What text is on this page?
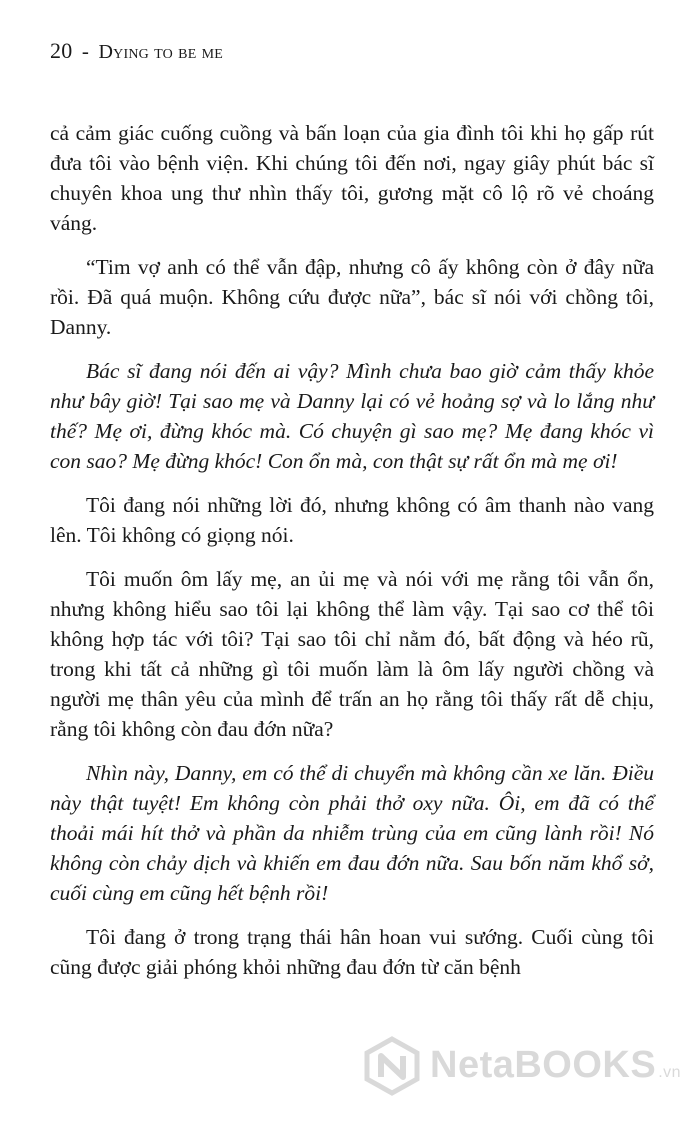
20 - Dying to be me

cả cảm giác cuống cuồng và bấn loạn của gia đình tôi khi họ gấp rút đưa tôi vào bệnh viện. Khi chúng tôi đến nơi, ngay giây phút bác sĩ chuyên khoa ung thư nhìn thấy tôi, gương mặt cô lộ rõ vẻ choáng váng.

“Tim vợ anh có thể vẫn đập, nhưng cô ấy không còn ở đây nữa rồi. Đã quá muộn. Không cứu được nữa”, bác sĩ nói với chồng tôi, Danny.

Bác sĩ đang nói đến ai vậy? Mình chưa bao giờ cảm thấy khỏe như bây giờ! Tại sao mẹ và Danny lại có vẻ hoảng sợ và lo lắng như thế? Mẹ ơi, đừng khóc mà. Có chuyện gì sao mẹ? Mẹ đang khóc vì con sao? Mẹ đừng khóc! Con ổn mà, con thật sự rất ổn mà mẹ ơi!

Tôi đang nói những lời đó, nhưng không có âm thanh nào vang lên. Tôi không có giọng nói.

Tôi muốn ôm lấy mẹ, an ủi mẹ và nói với mẹ rằng tôi vẫn ổn, nhưng không hiểu sao tôi lại không thể làm vậy. Tại sao cơ thể tôi không hợp tác với tôi? Tại sao tôi chỉ nằm đó, bất động và héo rũ, trong khi tất cả những gì tôi muốn làm là ôm lấy người chồng và người mẹ thân yêu của mình để trấn an họ rằng tôi thấy rất dễ chịu, rằng tôi không còn đau đớn nữa?

Nhìn này, Danny, em có thể di chuyển mà không cần xe lăn. Điều này thật tuyệt! Em không còn phải thở oxy nữa. Ôi, em đã có thể thoải mái hít thở và phần da nhiễm trùng của em cũng lành rồi! Nó không còn chảy dịch và khiến em đau đớn nữa. Sau bốn năm khổ sở, cuối cùng em cũng hết bệnh rồi!

Tôi đang ở trong trạng thái hân hoan vui sướng. Cuối cùng tôi cũng được giải phóng khỏi những đau đớn từ căn bệnh

NetaBOOKS .vn
